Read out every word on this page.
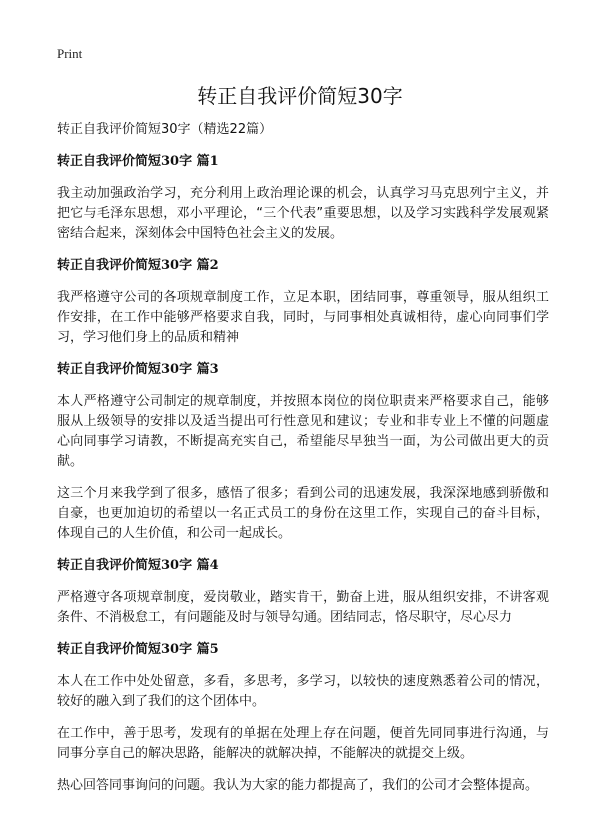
Print
转正自我评价简短30字

转正自我评价简短30字（精选22篇）

转正自我评价简短30字 篇1

我主动加强政治学习，充分利用上政治理论课的机会，认真学习马克思列宁主义，并把它与毛泽东思想，邓小平理论，“三个代表”重要思想，以及学习实践科学发展观紧密结合起来，深刻体会中国特色社会主义的发展。

转正自我评价简短30字 篇2

我严格遵守公司的各项规章制度工作，立足本职，团结同事，尊重领导，服从组织工作安排，在工作中能够严格要求自我，同时，与同事相处真诚相待，虚心向同事们学习，学习他们身上的品质和精神

转正自我评价简短30字 篇3

本人严格遵守公司制定的规章制度，并按照本岗位的岗位职责来严格要求自己，能够服从上级领导的安排以及适当提出可行性意见和建议；专业和非专业上不懂的问题虚心向同事学习请教，不断提高充实自己，希望能尽早独当一面，为公司做出更大的贡献。

这三个月来我学到了很多，感悟了很多；看到公司的迅速发展，我深深地感到骄傲和自豪，也更加迫切的希望以一名正式员工的身份在这里工作，实现自己的奋斗目标，体现自己的人生价值，和公司一起成长。

转正自我评价简短30字 篇4

严格遵守各项规章制度，爱岗敬业，踏实肯干，勤奋上进，服从组织安排，不讲客观条件、不消极怠工，有问题能及时与领导勾通。团结同志，恪尽职守，尽心尽力

转正自我评价简短30字 篇5

本人在工作中处处留意，多看，多思考，多学习，以较快的速度熟悉着公司的情况，较好的融入到了我们的这个团体中。

在工作中，善于思考，发现有的单据在处理上存在问题，便首先同同事进行沟通，与同事分享自己的解决思路，能解决的就解决掉，不能解决的就提交上级。

热心回答同事询问的问题。我认为大家的能力都提高了，我们的公司才会整体提高。
